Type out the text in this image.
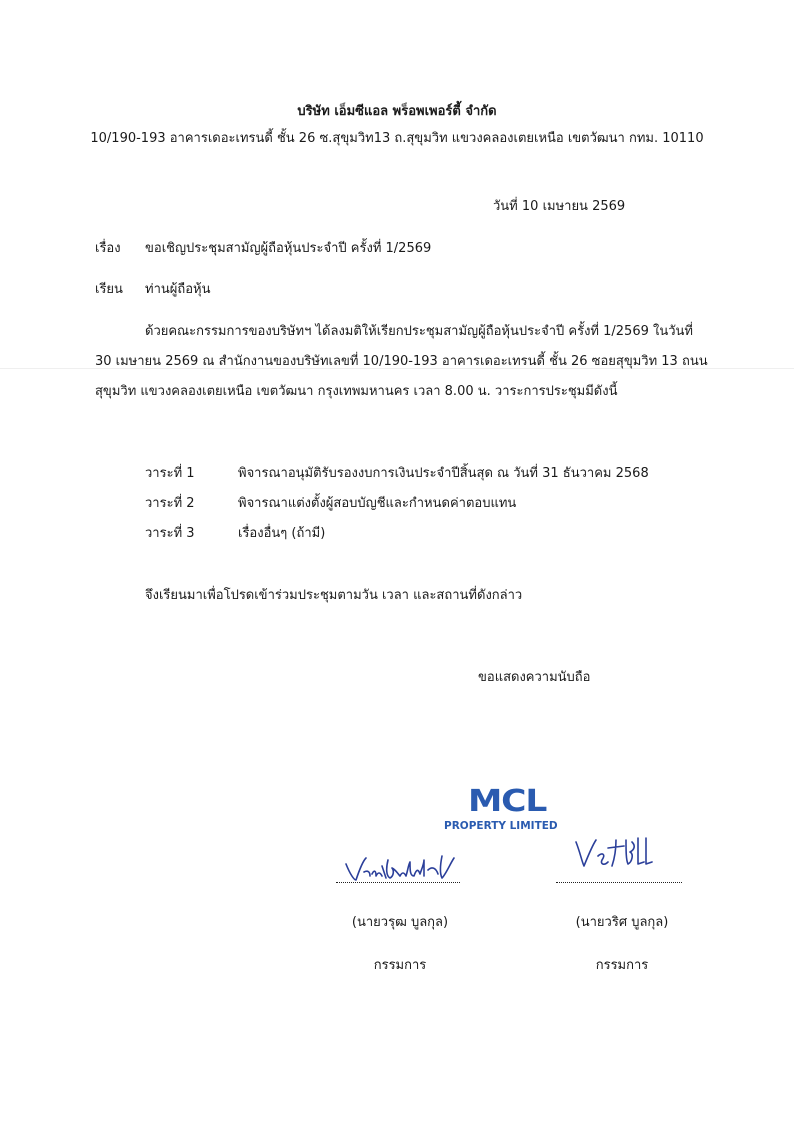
บริษัท เอ็มซีแอล พร็อพเพอร์ตี้ จำกัด
10/190-193 อาคารเดอะเทรนดี้ ชั้น 26 ซ.สุขุมวิท13 ถ.สุขุมวิท แขวงคลองเตยเหนือ เขตวัฒนา กทม. 10110
วันที่ 10 เมษายน 2569
เรื่อง ขอเชิญประชุมสามัญผู้ถือหุ้นประจำปี ครั้งที่ 1/2569
เรียน ท่านผู้ถือหุ้น
ด้วยคณะกรรมการของบริษัทฯ ได้ลงมติให้เรียกประชุมสามัญผู้ถือหุ้นประจำปี ครั้งที่ 1/2569 ในวันที่
30 เมษายน 2569 ณ สำนักงานของบริษัทเลขที่ 10/190-193 อาคารเดอะเทรนดี้ ชั้น 26 ซอยสุขุมวิท 13 ถนน
สุขุมวิท แขวงคลองเตยเหนือ เขตวัฒนา กรุงเทพมหานคร เวลา 8.00 น. วาระการประชุมมีดังนี้
วาระที่ 1	พิจารณาอนุมัติรับรองงบการเงินประจำปีสิ้นสุด ณ วันที่ 31 ธันวาคม 2568
วาระที่ 2	พิจารณาแต่งตั้งผู้สอบบัญชีและกำหนดค่าตอบแทน
วาระที่ 3	เรื่องอื่นๆ (ถ้ามี)
จึงเรียนมาเพื่อโปรดเข้าร่วมประชุมตามวัน เวลา และสถานที่ดังกล่าว
ขอแสดงความนับถือ
MCL
PROPERTY LIMITED
(นายวรุฒ บูลกุล)	(นายวริศ บูลกุล)
กรรมการ	กรรมการ
